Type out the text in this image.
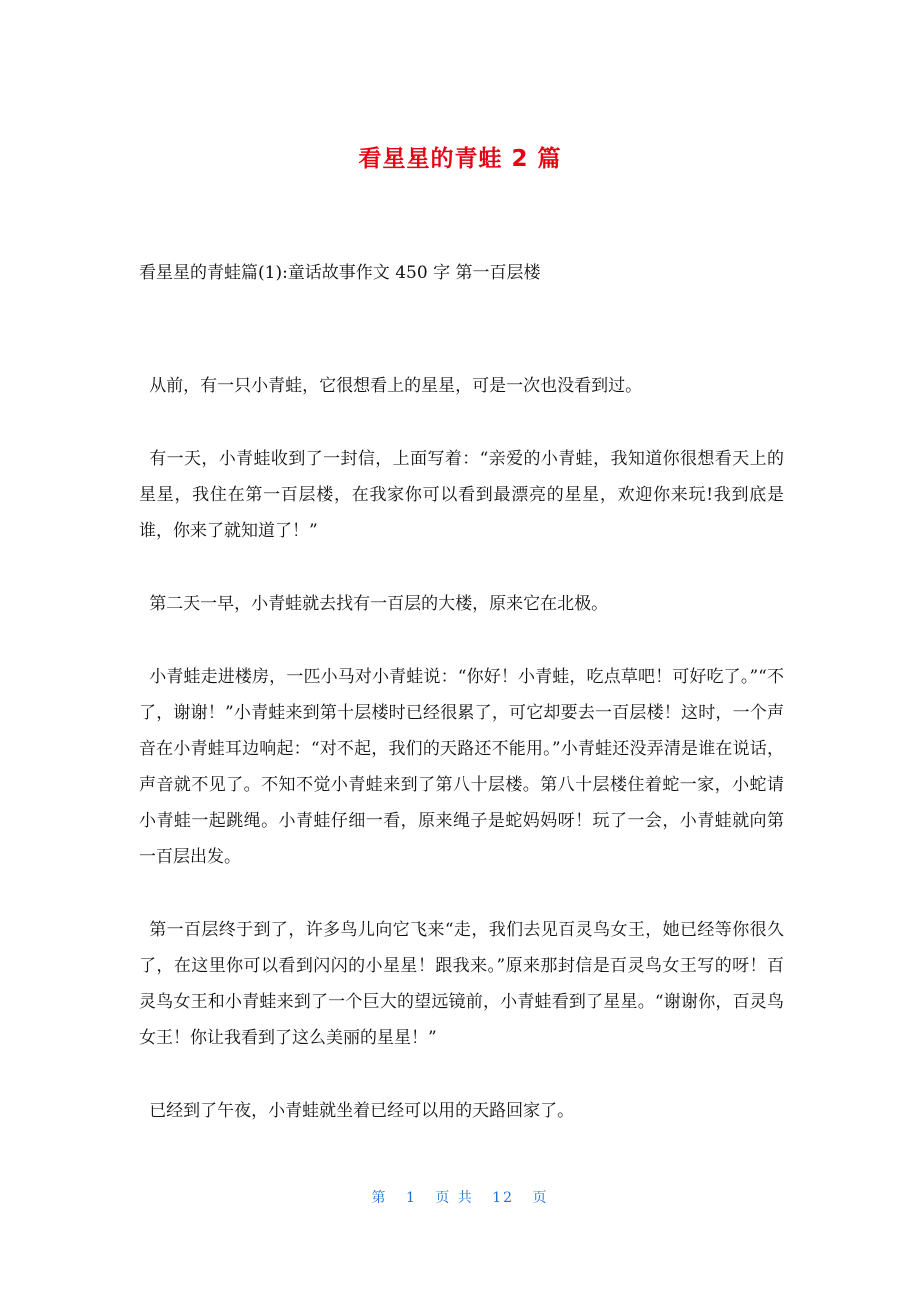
看星星的青蛙 2 篇
看星星的青蛙篇(1):童话故事作文 450 字 第一百层楼

从前，有一只小青蛙，它很想看上的星星，可是一次也没看到过。

有一天，小青蛙收到了一封信，上面写着：“亲爱的小青蛙，我知道你很想看天上的星星，我住在第一百层楼，在我家你可以看到最漂亮的星星，欢迎你来玩!我到底是谁，你来了就知道了！”

第二天一早，小青蛙就去找有一百层的大楼，原来它在北极。

小青蛙走进楼房，一匹小马对小青蛙说：“你好！小青蛙，吃点草吧！可好吃了。”“不了，谢谢！”小青蛙来到第十层楼时已经很累了，可它却要去一百层楼！这时，一个声音在小青蛙耳边响起：“对不起，我们的天路还不能用。”小青蛙还没弄清是谁在说话，声音就不见了。不知不觉小青蛙来到了第八十层楼。第八十层楼住着蛇一家，小蛇请小青蛙一起跳绳。小青蛙仔细一看，原来绳子是蛇妈妈呀！玩了一会，小青蛙就向第一百层出发。

第一百层终于到了，许多鸟儿向它飞来“走，我们去见百灵鸟女王，她已经等你很久了，在这里你可以看到闪闪的小星星！跟我来。”原来那封信是百灵鸟女王写的呀！百灵鸟女王和小青蛙来到了一个巨大的望远镜前，小青蛙看到了星星。“谢谢你，百灵鸟女王！你让我看到了这么美丽的星星！”

已经到了午夜，小青蛙就坐着已经可以用的天路回家了。

第 1 页 共 12 页
